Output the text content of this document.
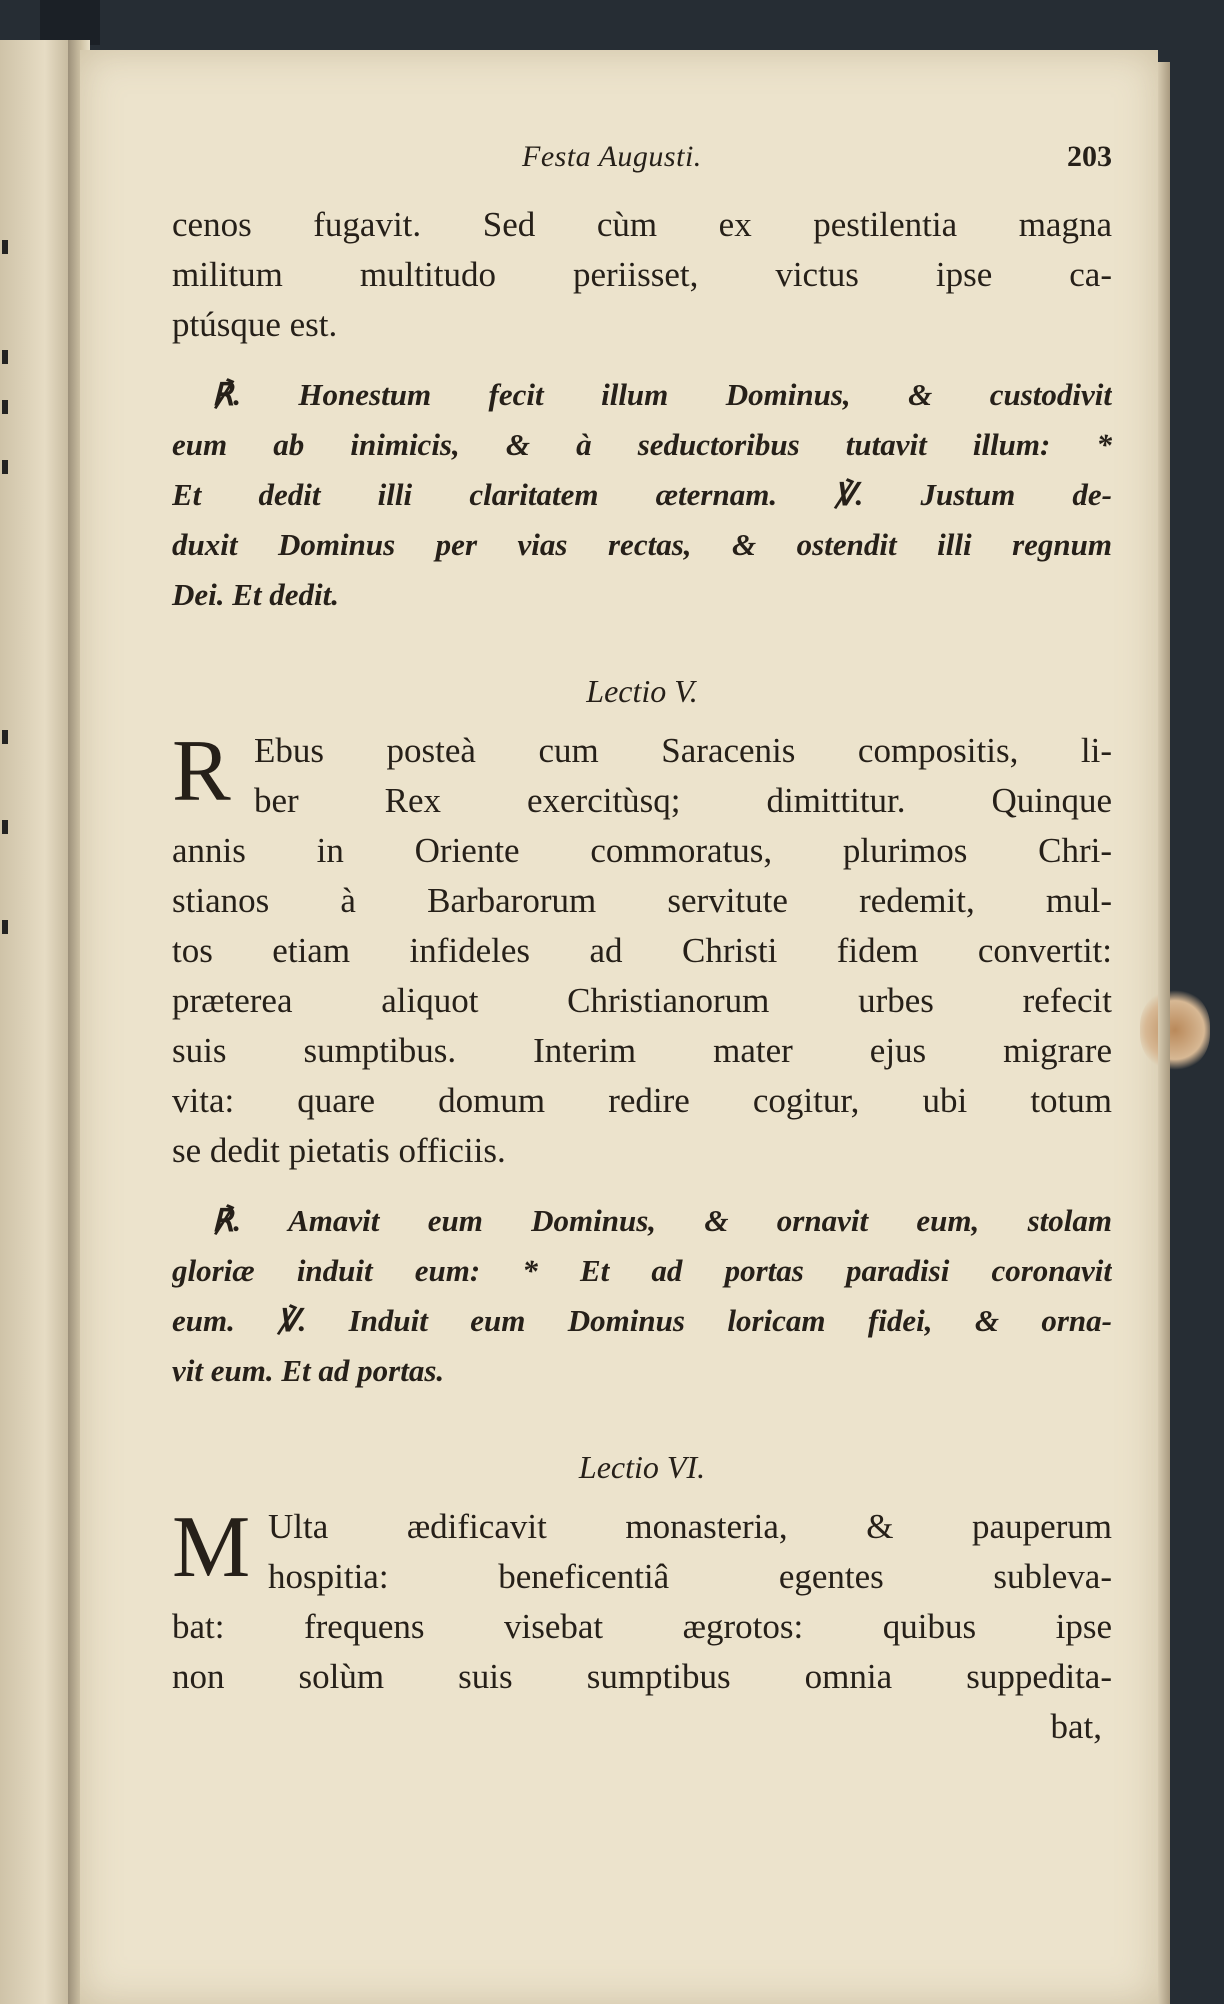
Festa Augusti.	203
cenos fugavit. Sed cùm ex pestilentia magna
militum multitudo periisset, victus ipse ca-
ptúsque est.
℟. Honestum fecit illum Dominus, & custodivit
eum ab inimicis, & à seductoribus tutavit illum: *
Et dedit illi claritatem æternam. ℣. Justum de-
duxit Dominus per vias rectas, & ostendit illi regnum
Dei. Et dedit.
Lectio V.
R Ebus posteà cum Saracenis compositis, li-
ber Rex exercitùsq; dimittitur. Quinque
annis in Oriente commoratus, plurimos Chri-
stianos à Barbarorum servitute redemit, mul-
tos etiam infideles ad Christi fidem convertit:
præterea aliquot Christianorum urbes refecit
suis sumptibus. Interim mater ejus migrare
vita: quare domum redire cogitur, ubi totum
se dedit pietatis officiis.
℟. Amavit eum Dominus, & ornavit eum, stolam
gloriæ induit eum: * Et ad portas paradisi coronavit
eum. ℣. Induit eum Dominus loricam fidei, & orna-
vit eum. Et ad portas.
Lectio VI.
M Ulta ædificavit monasteria, & pauperum
hospitia: beneficentiâ egentes subleva-
bat: frequens visebat ægrotos: quibus ipse
non solùm suis sumptibus omnia suppedita-
bat,
